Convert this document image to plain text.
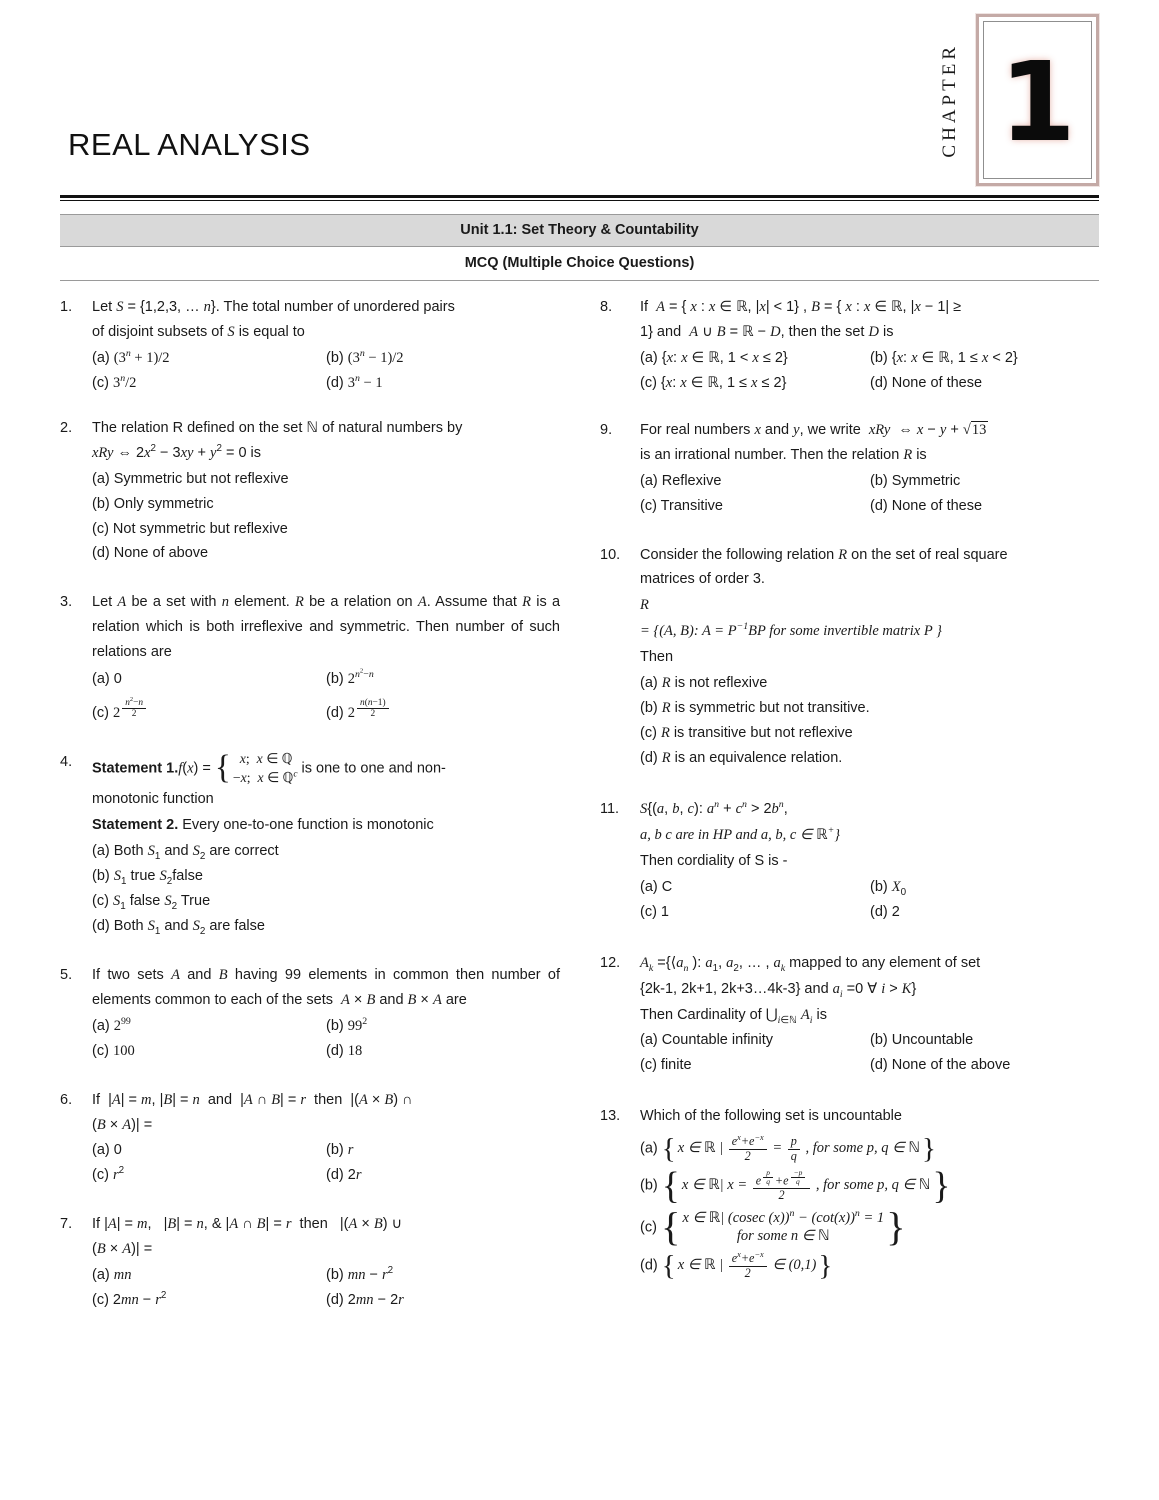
REAL ANALYSIS	CHAPTER 1
Unit 1.1: Set Theory & Countability
MCQ (Multiple Choice Questions)
1.	Let S = {1,2,3, … n}. The total number of unordered pairs
of disjoint subsets of S is equal to
(a) $(3^n + 1)/2$	(b) $(3^n - 1)/2$
(c) 3$^n$/2	(d) $3^n - 1$
2.	The relation R defined on the set ℕ of natural numbers by
xRy ⇔ $2x^2 - 3xy + y^2 = 0$ is
(a) Symmetric but not reflexive
(b) Only symmetric
(c) Not symmetric but reflexive
(d) None of above
3.	Let A be a set with n element. R be a relation on A. Assume that R is a relation which is both irreflexive and symmetric. Then number of such relations are
(a) 0	(b) $2^{n^2-n}$
(c) 2 $^{\frac{n^2-n}{2}}$	(d) 2 $^{\frac{n(n-1)}{2}}$
4.	Statement 1.f(x) = { x;  x ∈ ℚ
−x;  x ∈ ℚ$^c$ is one to one and non-
monotonic function
Statement 2. Every one-to-one function is monotonic
(a) Both $S_1$ and $S_2$ are correct
(b) $S_1$ true $S_2false$
(c) $S_1$ false $S_2$ True
(d) Both $S_1$ and $S_2$ are false
5.	If two sets A and B having 99 elements in common then number of elements common to each of the sets  A × B and B × A are
(a) $2^{99}$	(b) $99^2$
(c) 100	(d) 18
6.	If  |A| = m, |B| = n  and  |A ∩ B| = r  then  |(A × B) ∩
(B × A)| =
(a) 0	(b) r
(c) $r^2$	(d) 2r
7.	If |A| = m,   |B| = n, & |A ∩ B| = r  then   |(A × B) ∪
(B × A)| =
(a) mn	(b) mn − $r^2$
(c) $2mn - r^2$	(d) 2mn − 2r
8.	If  A = { x : x ∈ ℝ, |x| < 1} , B = { x : x ∈ ℝ, |x − 1| ≥
1} and  A ∪ B = ℝ − D, then the set D is
(a) {x: x ∈ ℝ, 1 < x ≤ 2}	(b) {x: x ∈ ℝ, 1 ≤ x < 2}
(c) {x: x ∈ ℝ, 1 ≤ x ≤ 2}	(d) None of these
9.	For real numbers x and y, we write  xRy  ⇔ x − y + √13
is an irrational number. Then the relation R is
(a) Reflexive	(b) Symmetric
(c) Transitive	(d) None of these
10.	Consider the following relation R on the set of real square
matrices of order 3.
R
= {(A, B): $A = P^{-1}BP$ for some invertible matrix P }
Then
(a) R is not reflexive
(b) R is symmetric but not transitive.
(c) R is transitive but not reflexive
(d) R is an equivalence relation.
11.	S{(a, b, c): $a^n + c^n > 2b^n$,
a, b c are in HP and a, b, c ∈ ℝ+}
Then cordiality of S is -
(a) C	(b) $X_0$
(c) 1	(d) 2
12.	$A_k$ $=\{⟨a_n$ ): $a_1$, $a_2$, … , $a_k$ mapped to any element of set
{2k-1, 2k+1, 2k+3…4k-3} and $a_i =0$ ∀ i > K}
Then Cardinality of $⋃_{i\in ℕ}$ $A_i$ is
(a) Countable infinity	(b) Uncountable
(c) finite	(d) None of the above
13.	Which of the following set is uncountable
(a) { x ∈ ℝ | $\frac{e^x+e^{-x}}{2} = \frac{p}{q}$ , for some p, q ∈ ℕ }
(b) { x ∈ ℝ| x = e $^{\frac{p}{q}}$ +e $^{\frac{-p}{q}}$
2 , for some p, q ∈ ℕ }
(c) { x ∈ ℝ| (cosec $(x))^n - (\cot(x))^n = 1$
for some n ∈ ℕ	}
(d) { x ∈ ℝ | $\frac{e^x+e^{-x}}{2}$ ∈ (0,1) }
